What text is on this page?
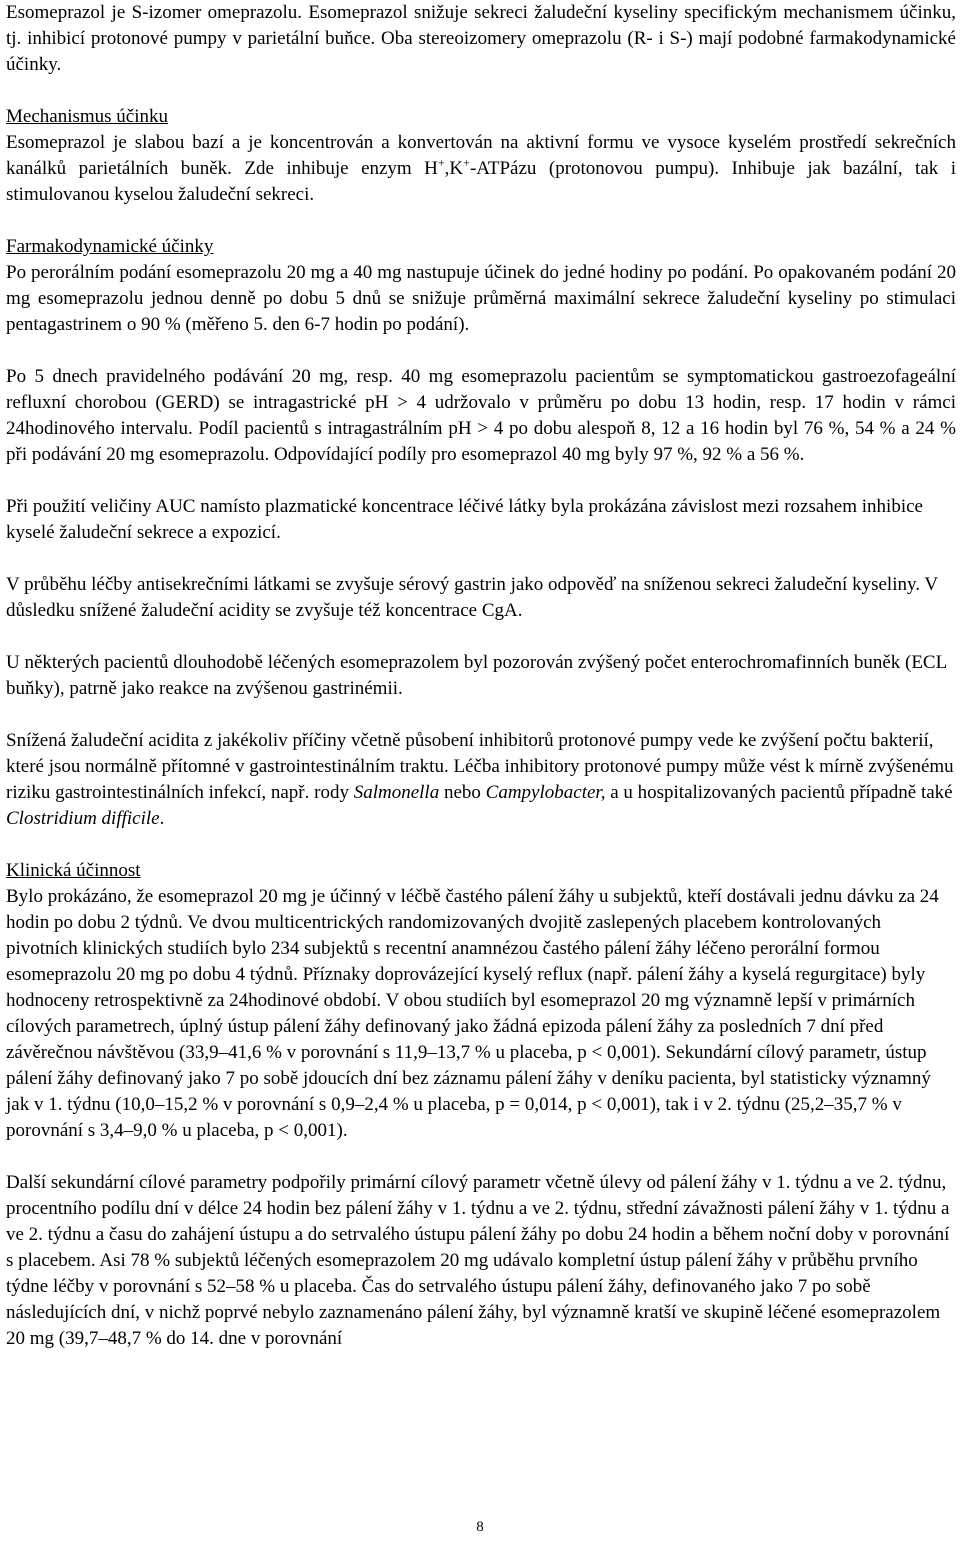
Esomeprazol je S-izomer omeprazolu. Esomeprazol snižuje sekreci žaludeční kyseliny specifickým mechanismem účinku, tj. inhibicí protonové pumpy v parietální buňce. Oba stereoizomery omeprazolu (R- i S-) mají podobné farmakodynamické účinky.

Mechanismus účinku

Esomeprazol je slabou bazí a je koncentrován a konvertován na aktivní formu ve vysoce kyselém prostředí sekrečních kanálků parietálních buněk. Zde inhibuje enzym H+,K+-ATPázu (protonovou pumpu). Inhibuje jak bazální, tak i stimulovanou kyselou žaludeční sekreci.

Farmakodynamické účinky

Po perorálním podání esomeprazolu 20 mg a 40 mg nastupuje účinek do jedné hodiny po podání. Po opakovaném podání 20 mg esomeprazolu jednou denně po dobu 5 dnů se snižuje průměrná maximální sekrece žaludeční kyseliny po stimulaci pentagastrinem o 90 % (měřeno 5. den 6-7 hodin po podání).

Po 5 dnech pravidelného podávání 20 mg, resp. 40 mg esomeprazolu pacientům se symptomatickou gastroezofageální refluxní chorobou (GERD) se intragastrické pH > 4 udržovalo v průměru po dobu 13 hodin, resp. 17 hodin v rámci 24hodinového intervalu. Podíl pacientů s intragastrálním pH > 4 po dobu alespoň 8, 12 a 16 hodin byl 76 %, 54 % a 24 % při podávání 20 mg esomeprazolu. Odpovídající podíly pro esomeprazol 40 mg byly 97 %, 92 % a 56 %.

Při použití veličiny AUC namísto plazmatické koncentrace léčivé látky byla prokázána závislost mezi rozsahem inhibice kyselé žaludeční sekrece a expozicí.

V průběhu léčby antisekrečními látkami se zvyšuje sérový gastrin jako odpověď na sníženou sekreci žaludeční kyseliny. V důsledku snížené žaludeční acidity se zvyšuje též koncentrace CgA.

U některých pacientů dlouhodobě léčených esomeprazolem byl pozorován zvýšený počet enterochromafinních buněk (ECL buňky), patrně jako reakce na zvýšenou gastrinémii.

Snížená žaludeční acidita z jakékoliv příčiny včetně působení inhibitorů protonové pumpy vede ke zvýšení počtu bakterií, které jsou normálně přítomné v gastrointestinálním traktu. Léčba inhibitory protonové pumpy může vést k mírně zvýšenému riziku gastrointestinálních infekcí, např. rody Salmonella nebo Campylobacter, a u hospitalizovaných pacientů případně také Clostridium difficile.

Klinická účinnost

Bylo prokázáno, že esomeprazol 20 mg je účinný v léčbě častého pálení žáhy u subjektů, kteří dostávali jednu dávku za 24 hodin po dobu 2 týdnů. Ve dvou multicentrických randomizovaných dvojitě zaslepených placebem kontrolovaných pivotních klinických studiích bylo 234 subjektů s recentní anamnézou častého pálení žáhy léčeno perorální formou esomeprazolu 20 mg po dobu 4 týdnů. Příznaky doprovázející kyselý reflux (např. pálení žáhy a kyselá regurgitace) byly hodnoceny retrospektivně za 24hodinové období. V obou studiích byl esomeprazol 20 mg významně lepší v primárních cílových parametrech, úplný ústup pálení žáhy definovaný jako žádná epizoda pálení žáhy za posledních 7 dní před závěrečnou návštěvou (33,9–41,6 % v porovnání s 11,9–13,7 % u placeba, p < 0,001). Sekundární cílový parametr, ústup pálení žáhy definovaný jako 7 po sobě jdoucích dní bez záznamu pálení žáhy v deníku pacienta, byl statisticky významný jak v 1. týdnu (10,0–15,2 % v porovnání s 0,9–2,4 % u placeba, p = 0,014, p < 0,001), tak i v 2. týdnu (25,2–35,7 % v porovnání s 3,4–9,0 % u placeba, p < 0,001).

Další sekundární cílové parametry podpořily primární cílový parametr včetně úlevy od pálení žáhy v 1. týdnu a ve 2. týdnu, procentního podílu dní v délce 24 hodin bez pálení žáhy v 1. týdnu a ve 2. týdnu, střední závažnosti pálení žáhy v 1. týdnu a ve 2. týdnu a času do zahájení ústupu a do setrvalého ústupu pálení žáhy po dobu 24 hodin a během noční doby v porovnání s placebem. Asi 78 % subjektů léčených esomeprazolem 20 mg udávalo kompletní ústup pálení žáhy v průběhu prvního týdne léčby v porovnání s 52–58 % u placeba. Čas do setrvalého ústupu pálení žáhy, definovaného jako 7 po sobě následujících dní, v nichž poprvé nebylo zaznamenáno pálení žáhy, byl významně kratší ve skupině léčené esomeprazolem 20 mg (39,7–48,7 % do 14. dne v porovnání

8
